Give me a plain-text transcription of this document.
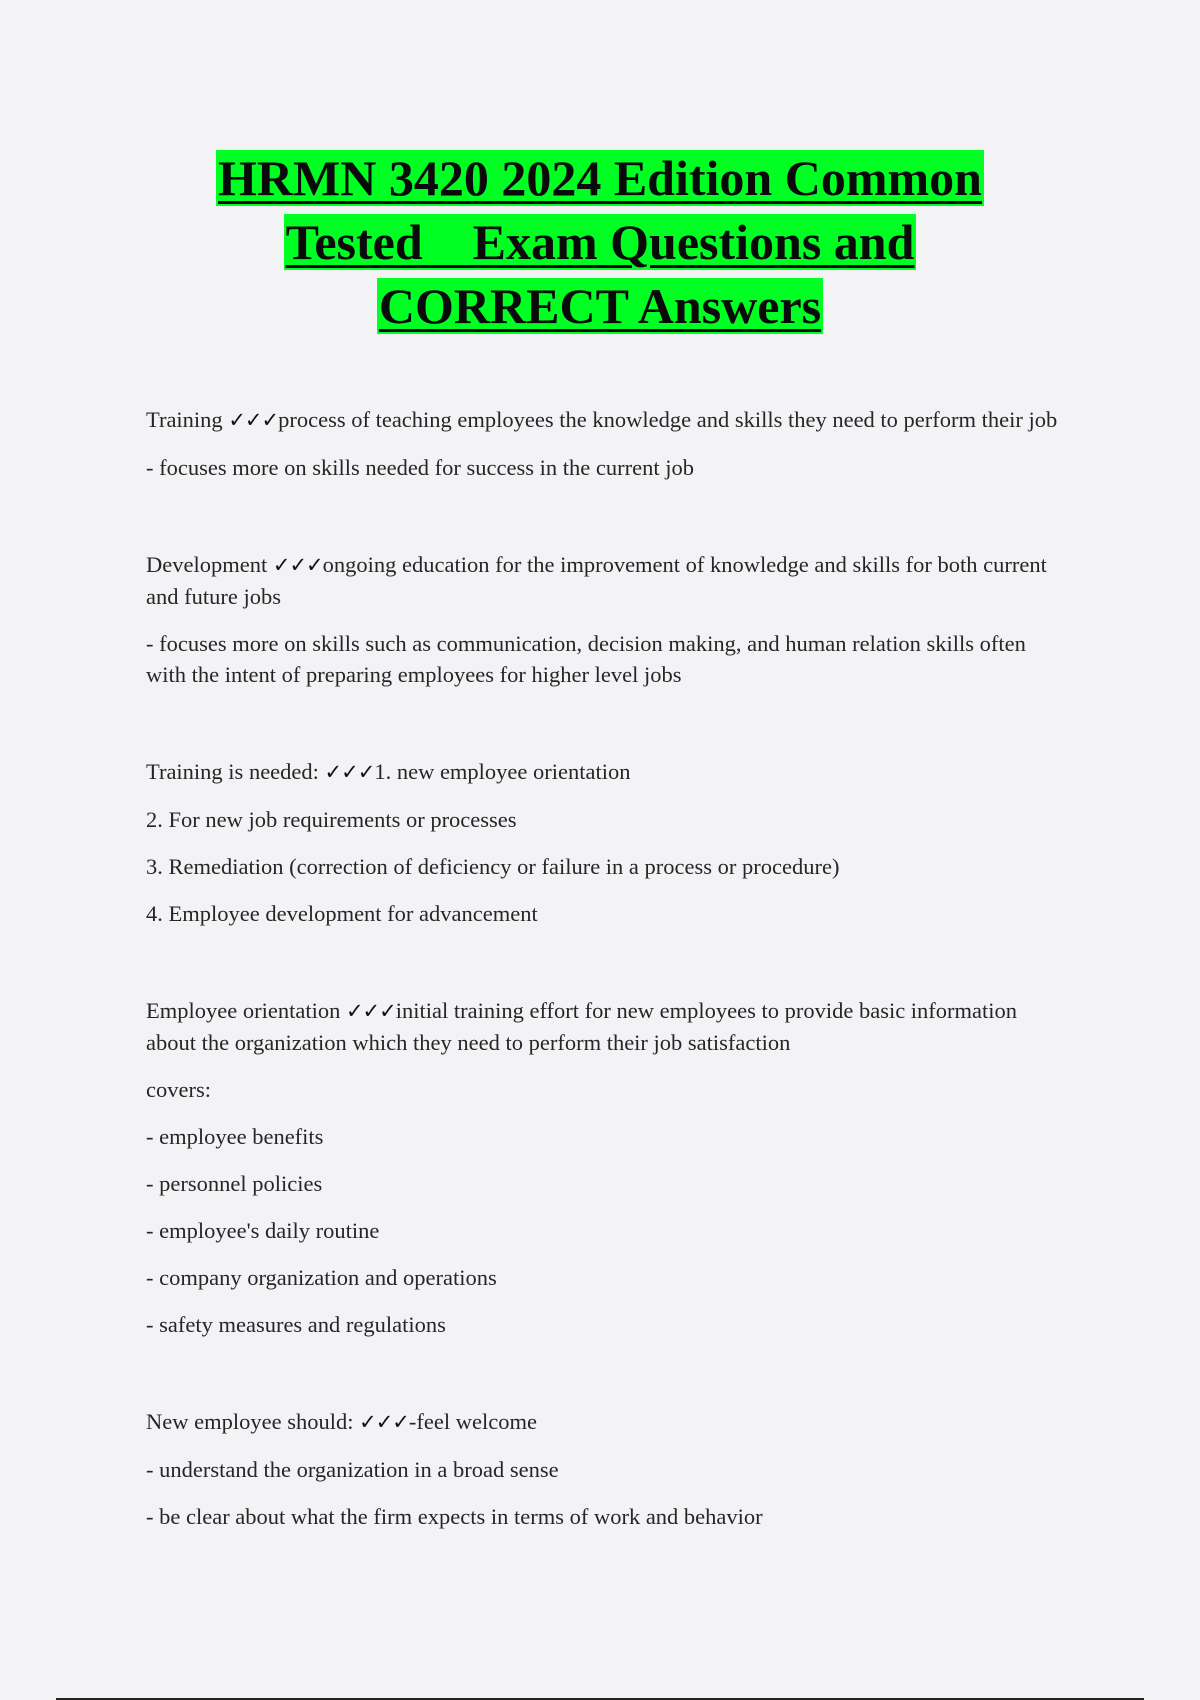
HRMN 3420 2024 Edition Common
Tested    Exam Questions and
CORRECT Answers

Training ✓✓✓process of teaching employees the knowledge and skills they need to perform their job

- focuses more on skills needed for success in the current job

Development ✓✓✓ongoing education for the improvement of knowledge and skills for both current and future jobs

- focuses more on skills such as communication, decision making, and human relation skills often with the intent of preparing employees for higher level jobs

Training is needed: ✓✓✓1. new employee orientation

2. For new job requirements or processes

3. Remediation (correction of deficiency or failure in a process or procedure)

4. Employee development for advancement

Employee orientation ✓✓✓initial training effort for new employees to provide basic information about the organization which they need to perform their job satisfaction

covers:

- employee benefits

- personnel policies

- employee's daily routine

- company organization and operations

- safety measures and regulations

New employee should: ✓✓✓-feel welcome

- understand the organization in a broad sense

- be clear about what the firm expects in terms of work and behavior
